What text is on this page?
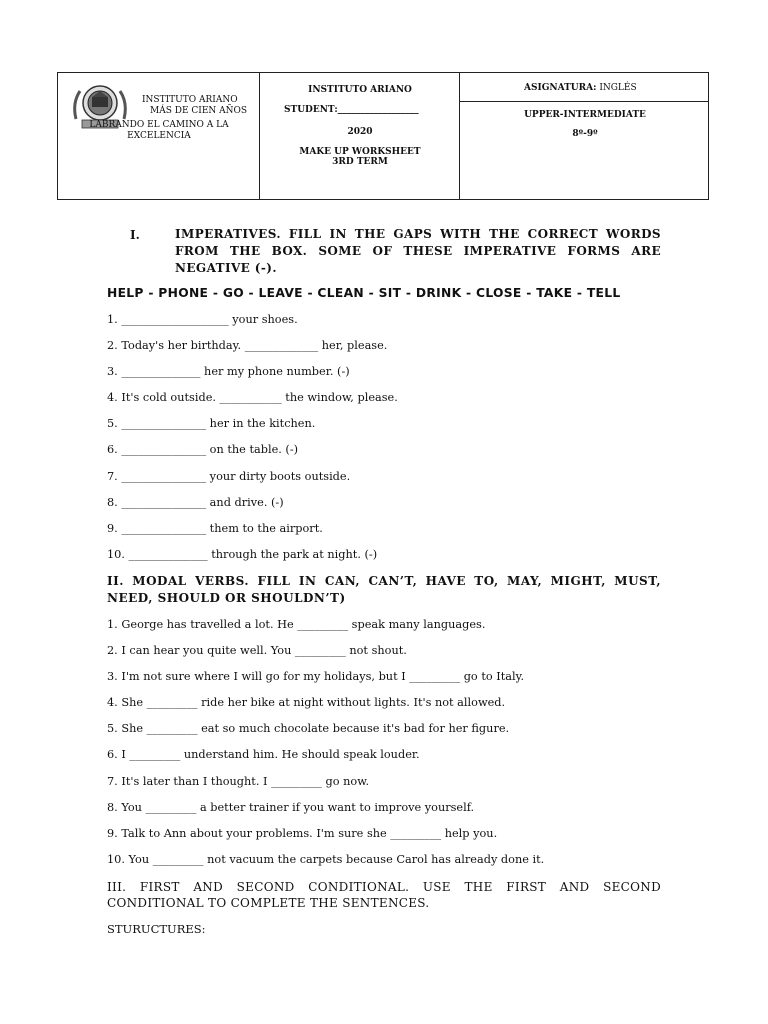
INSTITUTO ARIANO
MÁS DE CIEN AÑOS
LABRANDO EL CAMINO A LA EXCELENCIA
INSTITUTO ARIANO
STUDENT:__________________
2020
MAKE UP WORKSHEET 3RD TERM
ASIGNATURA: INGLÉS
UPPER-INTERMEDIATE
8º-9º
I.	IMPERATIVES. FILL IN THE GAPS WITH THE CORRECT WORDS FROM THE BOX. SOME OF THESE IMPERATIVE FORMS ARE NEGATIVE (-).
HELP - PHONE - GO - LEAVE - CLEAN - SIT - DRINK - CLOSE - TAKE - TELL
1. ___________________ your shoes.
2. Today's her birthday. _____________ her, please.
3. ______________ her my phone number. (-)
4. It's cold outside. ___________ the window, please.
5. _______________ her in the kitchen.
6. _______________ on the table. (-)
7. _______________ your dirty boots outside.
8. _______________ and drive. (-)
9. _______________ them to the airport.
10. ______________ through the park at night. (-)
II. MODAL VERBS. FILL IN CAN, CAN’T, HAVE TO, MAY, MIGHT, MUST, NEED, SHOULD OR SHOULDN’T)
1. George has travelled a lot. He _________ speak many languages.
2. I can hear you quite well. You _________ not shout.
3. I'm not sure where I will go for my holidays, but I _________ go to Italy.
4. She _________ ride her bike at night without lights. It's not allowed.
5. She _________ eat so much chocolate because it's bad for her figure.
6. I _________ understand him. He should speak louder.
7. It's later than I thought. I _________ go now.
8. You _________ a better trainer if you want to improve yourself.
9. Talk to Ann about your problems. I'm sure she _________ help you.
10. You _________ not vacuum the carpets because Carol has already done it.
III. FIRST AND SECOND CONDITIONAL. USE THE FIRST AND SECOND CONDITIONAL TO COMPLETE THE SENTENCES.
STURUCTURES:
